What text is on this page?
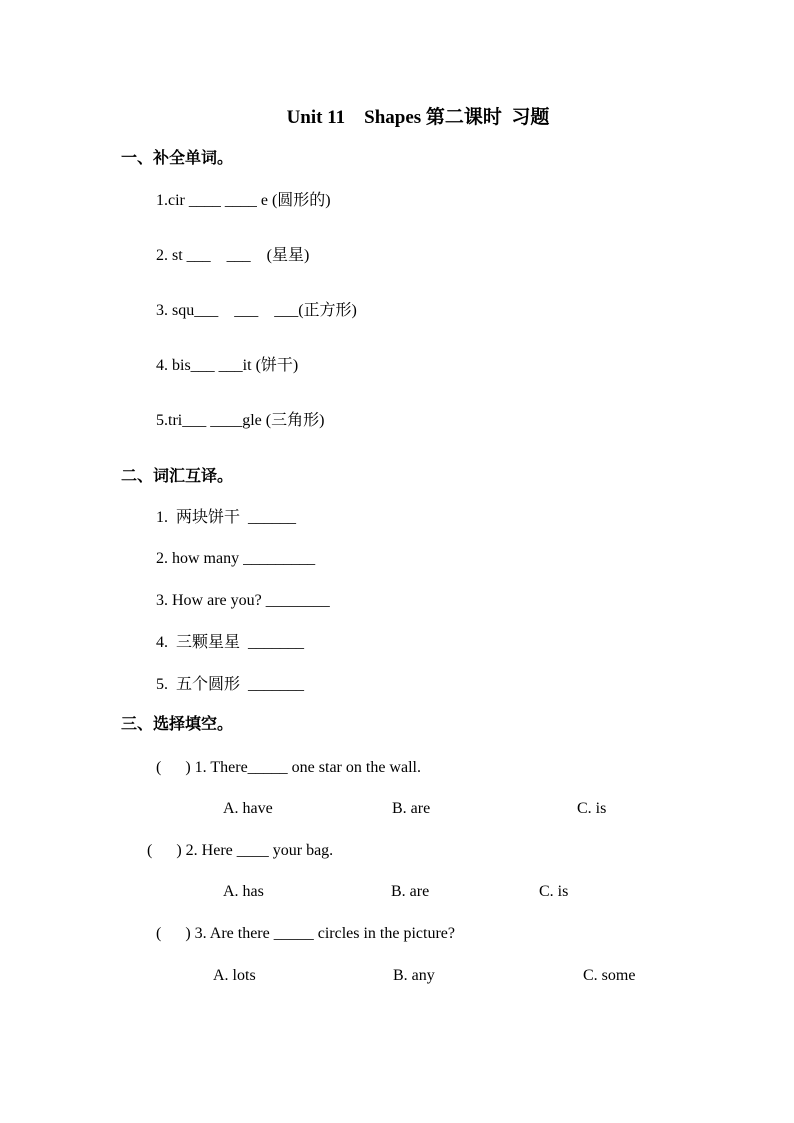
Unit 11　Shapes 第二课时  习题
一、补全单词。
1.cir ____ ____ e (圆形的)
2. st ___    ___    (星星)
3. squ___    ___    ___(正方形)
4. bis___ ___it (饼干)
5.tri___ ____gle (三角形)
二、词汇互译。
1.  两块饼干  ______
2. how many _________
3. How are you? ________
4.  三颗星星  _______
5.  五个圆形  _______
三、选择填空。
(      ) 1. There_____ one star on the wall.
A. have	B. are	C. is
(      ) 2. Here ____ your bag.
A. has	B. are	C. is
(      ) 3. Are there _____ circles in the picture?
A. lots	B. any	C. some
